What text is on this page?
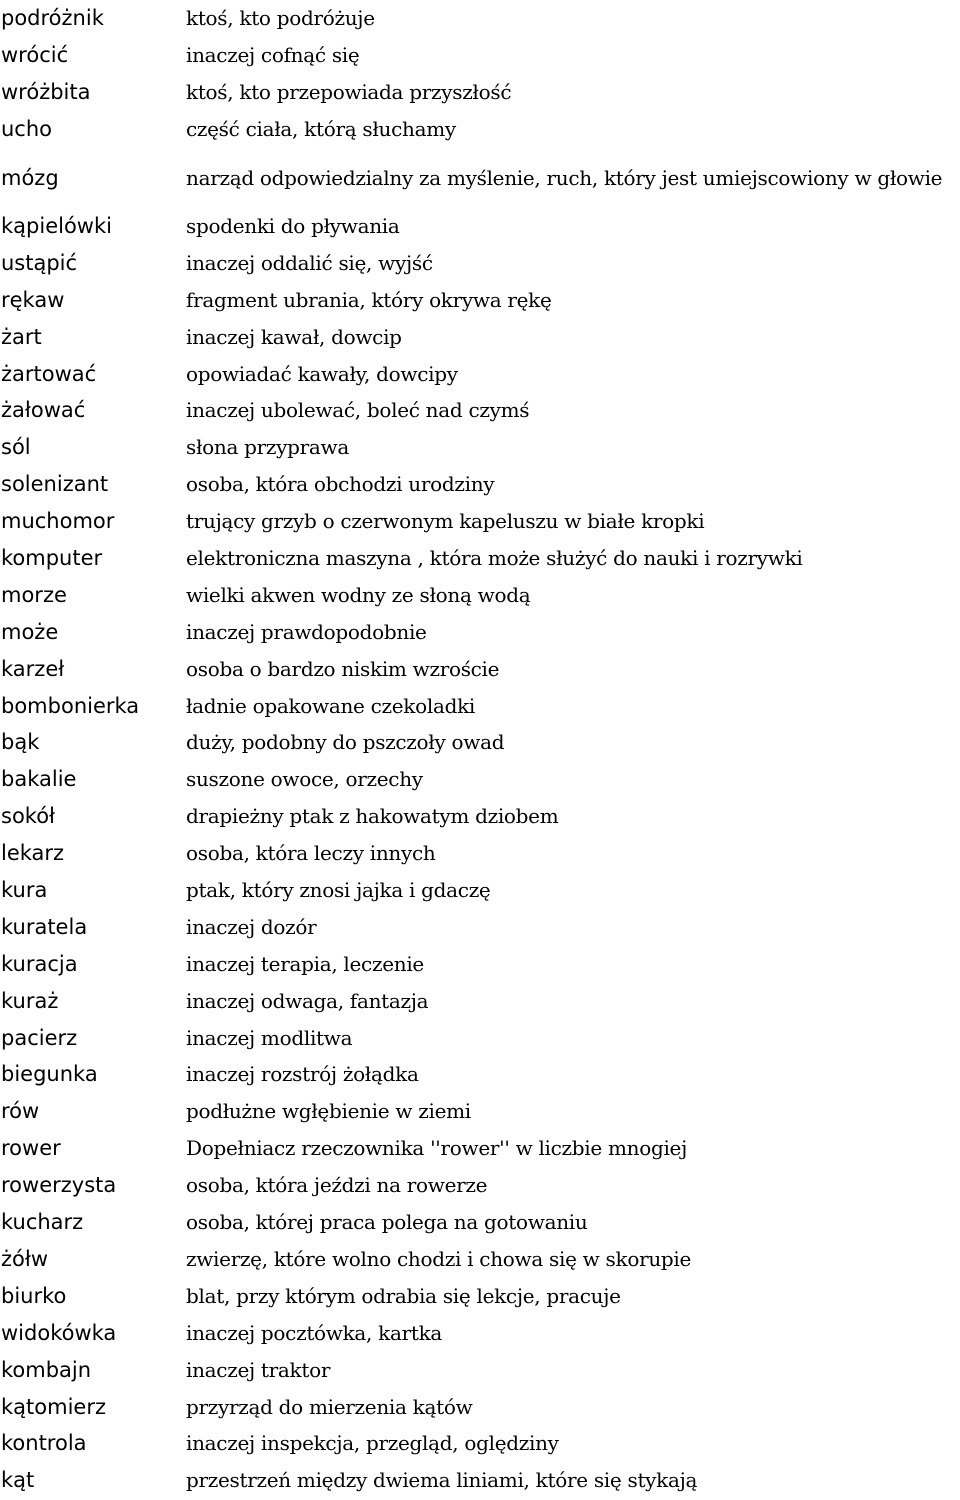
podróżnik	ktoś, kto podróżuje
wrócić	inaczej cofnąć się
wróżbita	ktoś, kto przepowiada przyszłość
ucho	część ciała, którą słuchamy
mózg	narząd odpowiedzialny za myślenie, ruch, który jest umiejscowiony w głowie
kąpielówki	spodenki do pływania
ustąpić	inaczej oddalić się, wyjść
rękaw	fragment ubrania, który okrywa rękę
żart	inaczej kawał, dowcip
żartować	opowiadać kawały, dowcipy
żałować	inaczej ubolewać, boleć nad czymś
sól	słona przyprawa
solenizant	osoba, która obchodzi urodziny
muchomor	trujący grzyb o czerwonym kapeluszu w białe kropki
komputer	elektroniczna maszyna , która może służyć do nauki i rozrywki
morze	wielki akwen wodny ze słoną wodą
może	inaczej prawdopodobnie
karzeł	osoba o bardzo niskim wzroście
bombonierka	ładnie opakowane czekoladki
bąk	duży, podobny do pszczoły owad
bakalie	suszone owoce, orzechy
sokół	drapieżny ptak z hakowatym dziobem
lekarz	osoba, która leczy innych
kura	ptak, który znosi jajka i gdaczę
kuratela	inaczej dozór
kuracja	inaczej terapia, leczenie
kuraż	inaczej odwaga, fantazja
pacierz	inaczej modlitwa
biegunka	inaczej rozstrój żołądka
rów	podłużne wgłębienie w ziemi
rower	Dopełniacz rzeczownika ''rower'' w liczbie mnogiej
rowerzysta	osoba, która jeździ na rowerze
kucharz	osoba, której praca polega na gotowaniu
żółw	zwierzę, które wolno chodzi i chowa się w skorupie
biurko	blat, przy którym odrabia się lekcje, pracuje
widokówka	inaczej pocztówka, kartka
kombajn	inaczej traktor
kątomierz	przyrząd do mierzenia kątów
kontrola	inaczej inspekcja, przegląd, oględziny
kąt	przestrzeń między dwiema liniami, które się stykają
